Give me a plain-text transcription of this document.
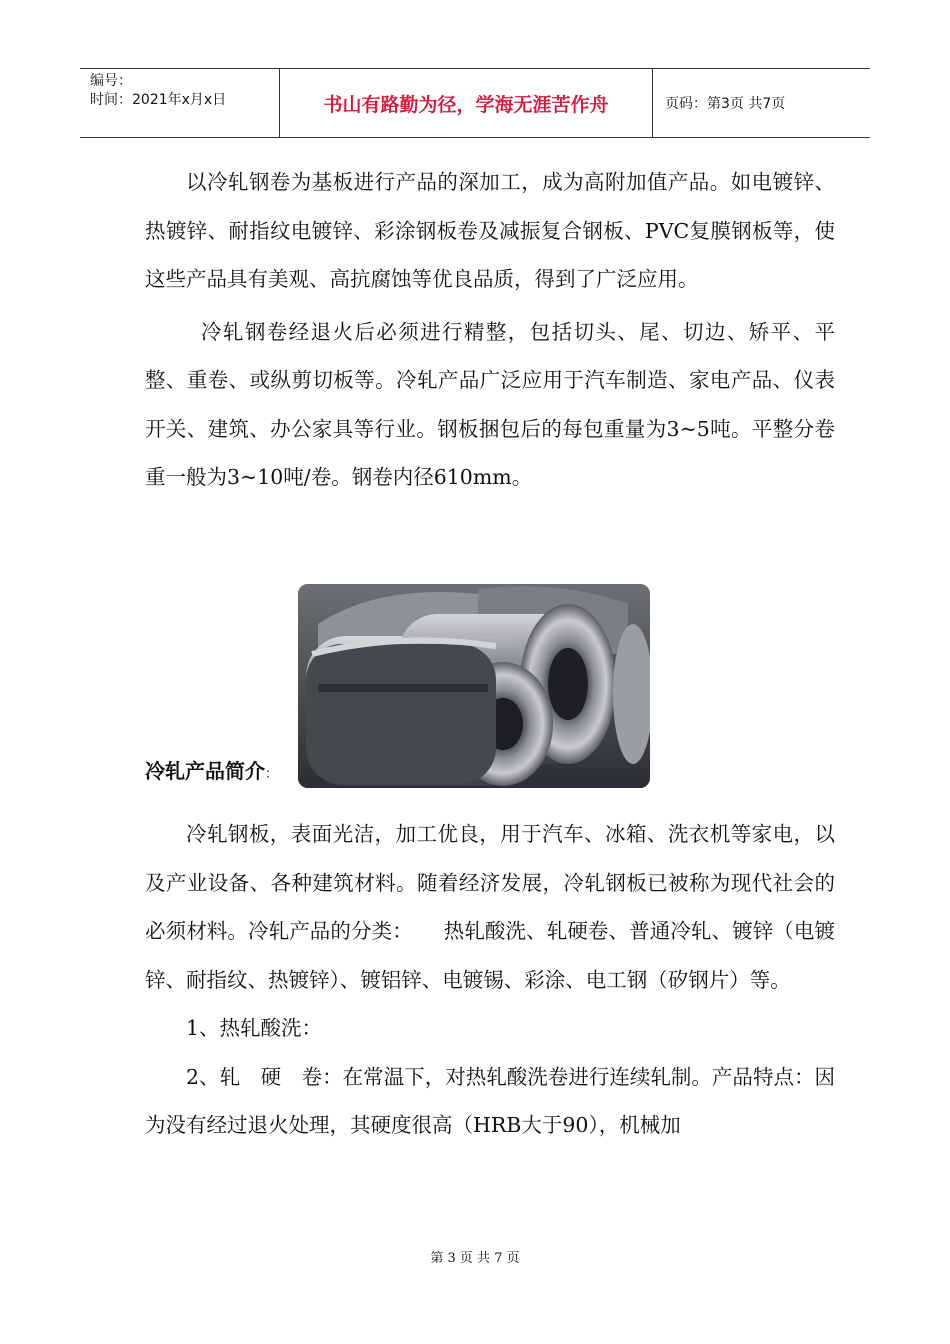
编号：
时间：2021年x月x日	书山有路勤为径，学海无涯苦作舟	页码：第3页 共7页

以冷轧钢卷为基板进行产品的深加工，成为高附加值产品。如电镀锌、热镀锌、耐指纹电镀锌、彩涂钢板卷及减振复合钢板、PVC复膜钢板等，使这些产品具有美观、高抗腐蚀等优良品质，得到了广泛应用。

冷轧钢卷经退火后必须进行精整，包括切头、尾、切边、矫平、平整、重卷、或纵剪切板等。冷轧产品广泛应用于汽车制造、家电产品、仪表开关、建筑、办公家具等行业。钢板捆包后的每包重量为3~5吨。平整分卷重一般为3~10吨/卷。钢卷内径610mm。

冷轧产品简介：

冷轧钢板，表面光洁，加工优良，用于汽车、冰箱、洗衣机等家电，以及产业设备、各种建筑材料。随着经济发展，冷轧钢板已被称为现代社会的必须材料。冷轧产品的分类：　　热轧酸洗、轧硬卷、普通冷轧、镀锌（电镀锌、耐指纹、热镀锌）、镀铝锌、电镀锡、彩涂、电工钢（矽钢片）等。

1、热轧酸洗：

2、轧　硬　卷：在常温下，对热轧酸洗卷进行连续轧制。产品特点：因为没有经过退火处理，其硬度很高（HRB大于90），机械加

第 3 页 共 7 页
